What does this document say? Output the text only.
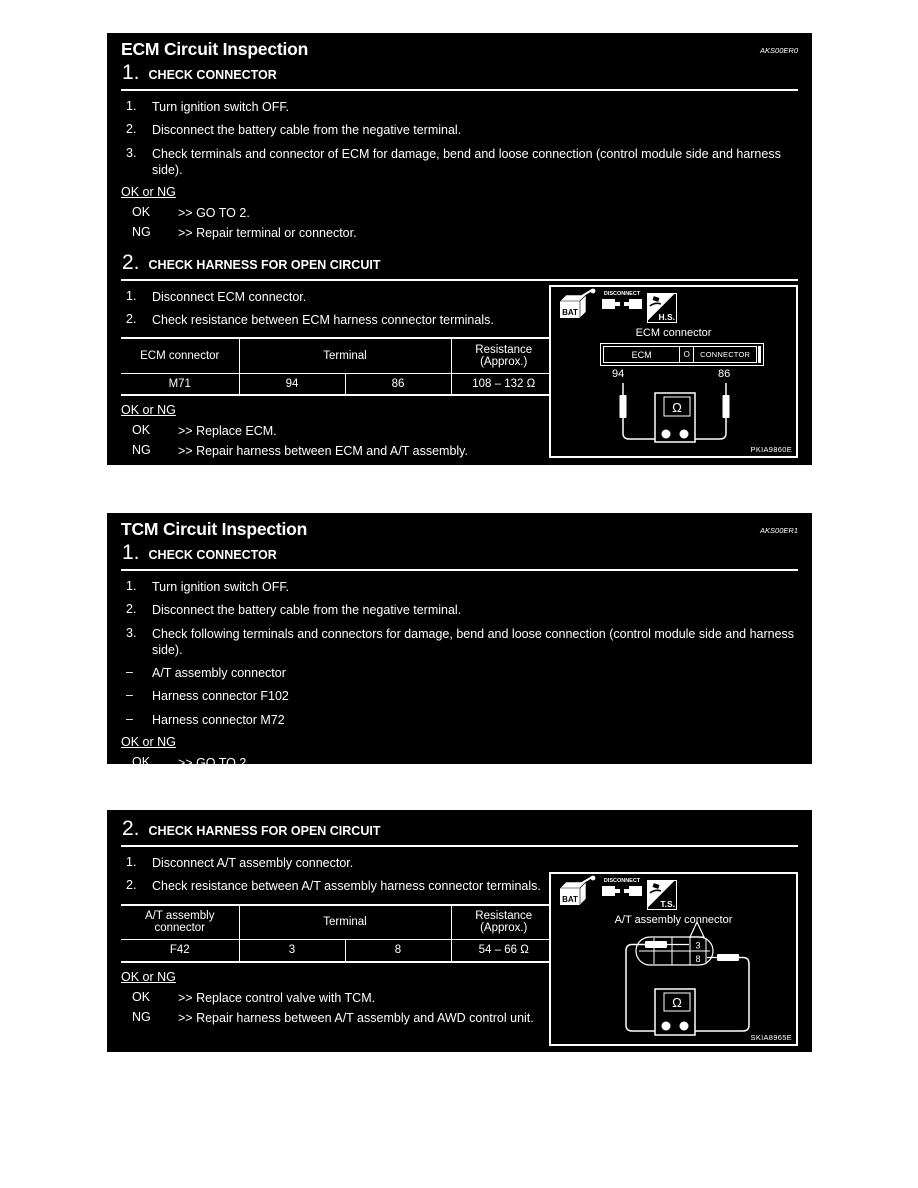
ECM Circuit Inspection	AKS00ER0
1. CHECK CONNECTOR
1.	Turn ignition switch OFF.
2.	Disconnect the battery cable from the negative terminal.
3.	Check terminals and connector of ECM for damage, bend and loose connection (control module side and harness side).
OK or NG
OK	>> GO TO 2.
NG	>> Repair terminal or connector.
2. CHECK HARNESS FOR OPEN CIRCUIT
1.	Disconnect ECM connector.
2.	Check resistance between ECM harness connector terminals.
ECM connector	Terminal		Resistance (Approx.)
M71	94	86	108 – 132 Ω
OK or NG
OK	>> Replace ECM.
NG	>> Repair harness between ECM and A/T assembly.
Ω
BAT
DISCONNECT
H.S.
ECM connector
ECM	O	CONNECTOR
94	86
PKIA9860E
TCM Circuit Inspection	AKS00ER1
1. CHECK CONNECTOR
1.	Turn ignition switch OFF.
2.	Disconnect the battery cable from the negative terminal.
3.	Check following terminals and connectors for damage, bend and loose connection (control module side and harness side).
–	A/T assembly connector
–	Harness connector F102
–	Harness connector M72
OK or NG
OK	>> GO TO 2.
NG	>> Repair terminal or connector.
2. CHECK HARNESS FOR OPEN CIRCUIT
1.	Disconnect A/T assembly connector.
2.	Check resistance between A/T assembly harness connector terminals.
A/T assembly connector	Terminal		Resistance (Approx.)
F42	3	8	54 – 66 Ω
OK or NG
OK	>> Replace control valve with TCM.
NG	>> Repair harness between A/T assembly and AWD control unit.
3
8
Ω
BAT
DISCONNECT
T.S.
A/T assembly connector
SKIA8965E
